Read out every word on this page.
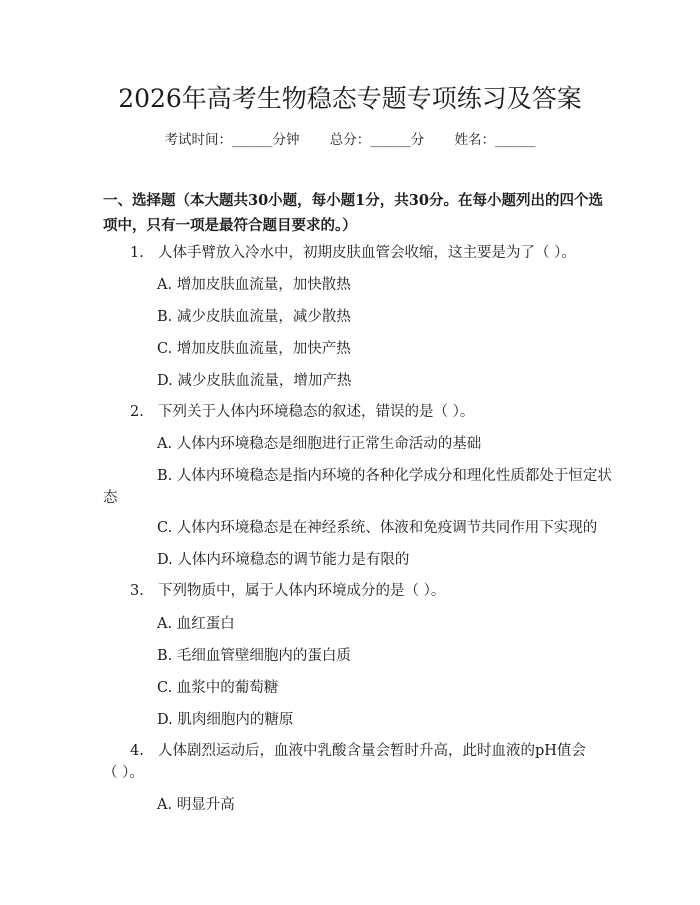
2026年高考生物稳态专题专项练习及答案
考试时间：______分钟 总分：______分 姓名：______
一、选择题（本大题共30小题，每小题1分，共30分。在每小题列出的四个选项中，只有一项是最符合题目要求的。）
1. 人体手臂放入冷水中，初期皮肤血管会收缩，这主要是为了（ ）。
A. 增加皮肤血流量，加快散热
B. 减少皮肤血流量，减少散热
C. 增加皮肤血流量，加快产热
D. 减少皮肤血流量，增加产热
2. 下列关于人体内环境稳态的叙述，错误的是（ ）。
A. 人体内环境稳态是细胞进行正常生命活动的基础
B. 人体内环境稳态是指内环境的各种化学成分和理化性质都处于恒定状
态
C. 人体内环境稳态是在神经系统、体液和免疫调节共同作用下实现的
D. 人体内环境稳态的调节能力是有限的
3. 下列物质中，属于人体内环境成分的是（ ）。
A. 血红蛋白
B. 毛细血管壁细胞内的蛋白质
C. 血浆中的葡萄糖
D. 肌肉细胞内的糖原
4. 人体剧烈运动后，血液中乳酸含量会暂时升高，此时血液的pH值会
（ ）。
A. 明显升高
